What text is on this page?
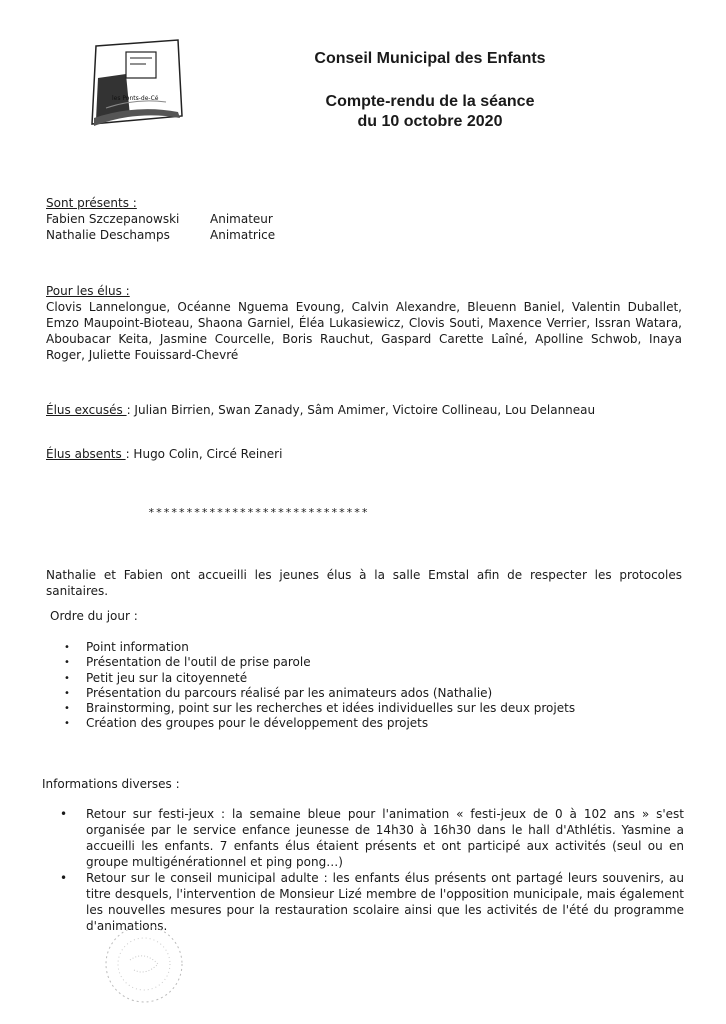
les Ponts-de-Cé
Conseil Municipal des Enfants
Compte-rendu de la séance
du 10 octobre 2020
Sont présents :
Fabien Szczepanowski	Animateur
Nathalie Deschamps	Animatrice
Pour les élus :
Clovis Lannelongue, Océanne Nguema Evoung, Calvin Alexandre, Bleuenn Baniel, Valentin Duballet, Emzo Maupoint-Bioteau, Shaona Garniel, Éléa Lukasiewicz, Clovis Souti, Maxence Verrier, Issran Watara, Aboubacar Keita, Jasmine Courcelle, Boris Rauchut, Gaspard Carette Laîné, Apolline Schwob, Inaya Roger, Juliette Fouissard-Chevré
Élus excusés : Julian Birrien, Swan Zanady, Sâm Amimer, Victoire Collineau, Lou Delanneau
Élus absents : Hugo Colin, Circé Reineri
*****************************
Nathalie et Fabien ont accueilli les jeunes élus à la salle Emstal afin de respecter les protocoles sanitaires.
Ordre du jour :
• Point information
• Présentation de l'outil de prise parole
• Petit jeu sur la citoyenneté
• Présentation du parcours réalisé par les animateurs ados (Nathalie)
• Brainstorming, point sur les recherches et idées individuelles sur les deux projets
• Création des groupes pour le développement des projets
Informations diverses :
• Retour sur festi-jeux : la semaine bleue pour l'animation « festi-jeux de 0 à 102 ans » s'est organisée par le service enfance jeunesse de 14h30 à 16h30 dans le hall d'Athlétis. Yasmine a accueilli les enfants. 7 enfants élus étaient présents et ont participé aux activités (seul ou en groupe multigénérationnel et ping pong…)
• Retour sur le conseil municipal adulte : les enfants élus présents ont partagé leurs souvenirs, au titre desquels, l'intervention de Monsieur Lizé membre de l'opposition municipale, mais également les nouvelles mesures pour la restauration scolaire ainsi que les activités de l'été du programme d'animations.
